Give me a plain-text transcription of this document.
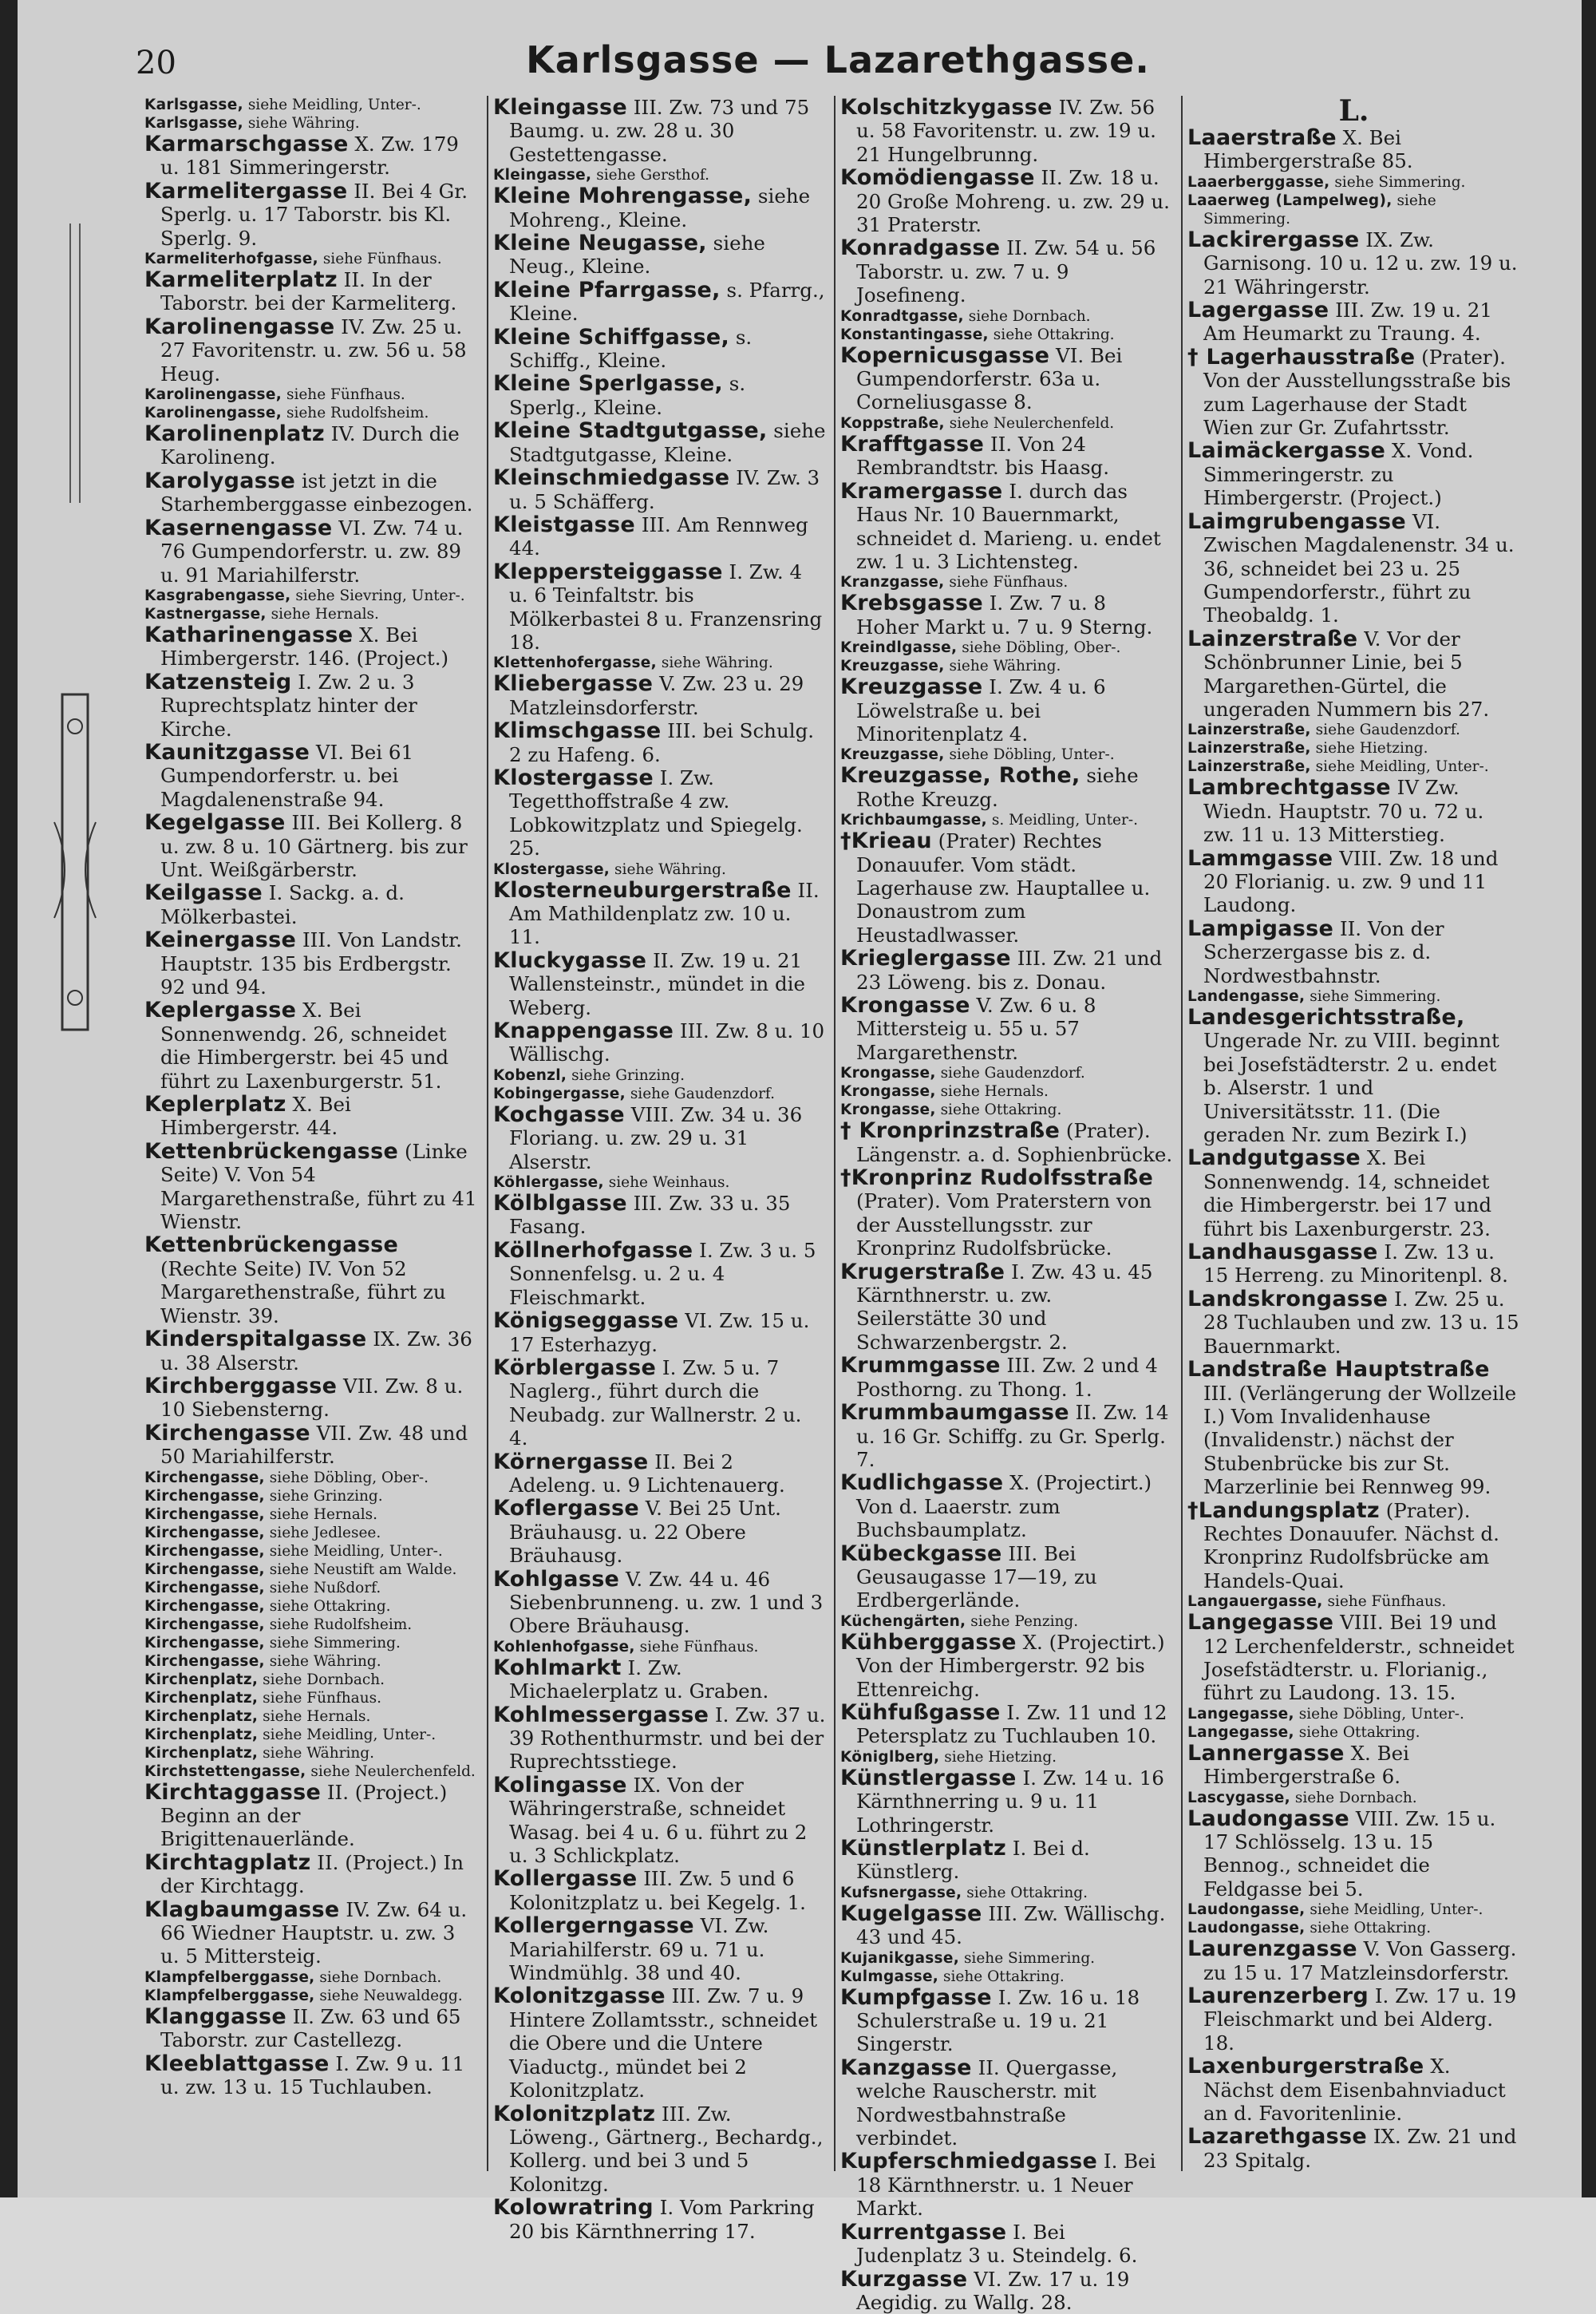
20	Karlsgasse — Lazarethgasse.

Karlsgasse, siehe Meidling, Unter-.

Karlsgasse, siehe Währing.

Karmarschgasse X. Zw. 179 u. 181 Simmeringerstr.

Karmelitergasse II. Bei 4 Gr. Sperlg. u. 17 Taborstr. bis Kl. Sperlg. 9.

Karmeliterhofgasse, siehe Fünfhaus.

Karmeliterplatz II. In der Taborstr. bei der Karmeliterg.

Karolinengasse IV. Zw. 25 u. 27 Favoritenstr. u. zw. 56 u. 58 Heug.

Karolinengasse, siehe Fünfhaus.

Karolinengasse, siehe Rudolfsheim.

Karolinenplatz IV. Durch die Karolineng.

Karolygasse ist jetzt in die Starhemberggasse einbezogen.

Kasernengasse VI. Zw. 74 u. 76 Gumpendorferstr. u. zw. 89 u. 91 Mariahilferstr.

Kasgrabengasse, siehe Sievring, Unter-.

Kastnergasse, siehe Hernals.

Katharinengasse X. Bei Himbergerstr. 146. (Project.)

Katzensteig I. Zw. 2 u. 3 Ruprechtsplatz hinter der Kirche.

Kaunitzgasse VI. Bei 61 Gumpendorferstr. u. bei Magdalenenstraße 94.

Kegelgasse III. Bei Kollerg. 8 u. zw. 8 u. 10 Gärtnerg. bis zur Unt. Weißgärberstr.

Keilgasse I. Sackg. a. d. Mölkerbastei.

Keinergasse III. Von Landstr. Hauptstr. 135 bis Erdbergstr. 92 und 94.

Keplergasse X. Bei Sonnenwendg. 26, schneidet die Himbergerstr. bei 45 und führt zu Laxenburgerstr. 51.

Keplerplatz X. Bei Himbergerstr. 44.

Kettenbrückengasse (Linke Seite) V. Von 54 Margarethenstraße, führt zu 41 Wienstr.

Kettenbrückengasse (Rechte Seite) IV. Von 52 Margarethenstraße, führt zu Wienstr. 39.

Kinderspitalgasse IX. Zw. 36 u. 38 Alserstr.

Kirchberggasse VII. Zw. 8 u. 10 Siebensterng.

Kirchengasse VII. Zw. 48 und 50 Mariahilferstr.

Kirchengasse, siehe Döbling, Ober-.

Kirchengasse, siehe Grinzing.

Kirchengasse, siehe Hernals.

Kirchengasse, siehe Jedlesee.

Kirchengasse, siehe Meidling, Unter-.

Kirchengasse, siehe Neustift am Walde.

Kirchengasse, siehe Nußdorf.

Kirchengasse, siehe Ottakring.

Kirchengasse, siehe Rudolfsheim.

Kirchengasse, siehe Simmering.

Kirchengasse, siehe Währing.

Kirchenplatz, siehe Dornbach.

Kirchenplatz, siehe Fünfhaus.

Kirchenplatz, siehe Hernals.

Kirchenplatz, siehe Meidling, Unter-.

Kirchenplatz, siehe Währing.

Kirchstettengasse, siehe Neulerchenfeld.

Kirchtaggasse II. (Project.) Beginn an der Brigittenauerlände.

Kirchtagplatz II. (Project.) In der Kirchtagg.

Klagbaumgasse IV. Zw. 64 u. 66 Wiedner Hauptstr. u. zw. 3 u. 5 Mittersteig.

Klampfelberggasse, siehe Dornbach.

Klampfelberggasse, siehe Neuwaldegg.

Klanggasse II. Zw. 63 und 65 Taborstr. zur Castellezg.

Kleeblattgasse I. Zw. 9 u. 11 u. zw. 13 u. 15 Tuchlauben.

Kleingasse III. Zw. 73 und 75 Baumg. u. zw. 28 u. 30 Gestettengasse.

Kleingasse, siehe Gersthof.

Kleine Mohrengasse, siehe Mohreng., Kleine.

Kleine Neugasse, siehe Neug., Kleine.

Kleine Pfarrgasse, s. Pfarrg., Kleine.

Kleine Schiffgasse, s. Schiffg., Kleine.

Kleine Sperlgasse, s. Sperlg., Kleine.

Kleine Stadtgutgasse, siehe Stadtgutgasse, Kleine.

Kleinschmiedgasse IV. Zw. 3 u. 5 Schäfferg.

Kleistgasse III. Am Rennweg 44.

Kleppersteiggasse I. Zw. 4 u. 6 Teinfaltstr. bis Mölkerbastei 8 u. Franzensring 18.

Klettenhofergasse, siehe Währing.

Kliebergasse V. Zw. 23 u. 29 Matzleinsdorferstr.

Klimschgasse III. bei Schulg. 2 zu Hafeng. 6.

Klostergasse I. Zw. Tegetthoffstraße 4 zw. Lobkowitzplatz und Spiegelg. 25.

Klostergasse, siehe Währing.

Klosterneuburgerstraße II. Am Mathildenplatz zw. 10 u. 11.

Kluckygasse II. Zw. 19 u. 21 Wallensteinstr., mündet in die Weberg.

Knappengasse III. Zw. 8 u. 10 Wällischg.

Kobenzl, siehe Grinzing.

Kobingergasse, siehe Gaudenzdorf.

Kochgasse VIII. Zw. 34 u. 36 Floriang. u. zw. 29 u. 31 Alserstr.

Köhlergasse, siehe Weinhaus.

Kölblgasse III. Zw. 33 u. 35 Fasang.

Köllnerhofgasse I. Zw. 3 u. 5 Sonnenfelsg. u. 2 u. 4 Fleischmarkt.

Königseggasse VI. Zw. 15 u. 17 Esterhazyg.

Körblergasse I. Zw. 5 u. 7 Naglerg., führt durch die Neubadg. zur Wallnerstr. 2 u. 4.

Körnergasse II. Bei 2 Adeleng. u. 9 Lichtenauerg.

Koflergasse V. Bei 25 Unt. Bräuhausg. u. 22 Obere Bräuhausg.

Kohlgasse V. Zw. 44 u. 46 Siebenbrunneng. u. zw. 1 und 3 Obere Bräuhausg.

Kohlenhofgasse, siehe Fünfhaus.

Kohlmarkt I. Zw. Michaelerplatz u. Graben.

Kohlmessergasse I. Zw. 37 u. 39 Rothenthurmstr. und bei der Ruprechtsstiege.

Kolingasse IX. Von der Währingerstraße, schneidet Wasag. bei 4 u. 6 u. führt zu 2 u. 3 Schlickplatz.

Kollergasse III. Zw. 5 und 6 Kolonitzplatz u. bei Kegelg. 1.

Kollergerngasse VI. Zw. Mariahilferstr. 69 u. 71 u. Windmühlg. 38 und 40.

Kolonitzgasse III. Zw. 7 u. 9 Hintere Zollamtsstr., schneidet die Obere und die Untere Viaductg., mündet bei 2 Kolonitzplatz.

Kolonitzplatz III. Zw. Löweng., Gärtnerg., Bechardg., Kollerg. und bei 3 und 5 Kolonitzg.

Kolowratring I. Vom Parkring 20 bis Kärnthnerring 17.

Kolschitzkygasse IV. Zw. 56 u. 58 Favoritenstr. u. zw. 19 u. 21 Hungelbrunng.

Komödiengasse II. Zw. 18 u. 20 Große Mohreng. u. zw. 29 u. 31 Praterstr.

Konradgasse II. Zw. 54 u. 56 Taborstr. u. zw. 7 u. 9 Josefineng.

Konradtgasse, siehe Dornbach.

Konstantingasse, siehe Ottakring.

Kopernicusgasse VI. Bei Gumpendorferstr. 63a u. Corneliusgasse 8.

Koppstraße, siehe Neulerchenfeld.

Krafftgasse II. Von 24 Rembrandtstr. bis Haasg.

Kramergasse I. durch das Haus Nr. 10 Bauernmarkt, schneidet d. Marieng. u. endet zw. 1 u. 3 Lichtensteg.

Kranzgasse, siehe Fünfhaus.

Krebsgasse I. Zw. 7 u. 8 Hoher Markt u. 7 u. 9 Sterng.

Kreindlgasse, siehe Döbling, Ober-.

Kreuzgasse, siehe Währing.

Kreuzgasse I. Zw. 4 u. 6 Löwelstraße u. bei Minoritenplatz 4.

Kreuzgasse, siehe Döbling, Unter-.

Kreuzgasse, Rothe, siehe Rothe Kreuzg.

Krichbaumgasse, s. Meidling, Unter-.

†Krieau (Prater) Rechtes Donauufer. Vom städt. Lagerhause zw. Hauptallee u. Donaustrom zum Heustadlwasser.

Krieglergasse III. Zw. 21 und 23 Löweng. bis z. Donau.

Krongasse V. Zw. 6 u. 8 Mittersteig u. 55 u. 57 Margarethenstr.

Krongasse, siehe Gaudenzdorf.

Krongasse, siehe Hernals.

Krongasse, siehe Ottakring.

† Kronprinzstraße (Prater). Längenstr. a. d. Sophienbrücke.

†Kronprinz Rudolfsstraße (Prater). Vom Praterstern von der Ausstellungsstr. zur Kronprinz Rudolfsbrücke.

Krugerstraße I. Zw. 43 u. 45 Kärnthnerstr. u. zw. Seilerstätte 30 und Schwarzenbergstr. 2.

Krummgasse III. Zw. 2 und 4 Posthorng. zu Thong. 1.

Krummbaumgasse II. Zw. 14 u. 16 Gr. Schiffg. zu Gr. Sperlg. 7.

Kudlichgasse X. (Projectirt.) Von d. Laaerstr. zum Buchsbaumplatz.

Kübeckgasse III. Bei Geusaugasse 17—19, zu Erdbergerlände.

Küchengärten, siehe Penzing.

Kühberggasse X. (Projectirt.) Von der Himbergerstr. 92 bis Ettenreichg.

Kühfußgasse I. Zw. 11 und 12 Petersplatz zu Tuchlauben 10.

Königlberg, siehe Hietzing.

Künstlergasse I. Zw. 14 u. 16 Kärnthnerring u. 9 u. 11 Lothringerstr.

Künstlerplatz I. Bei d. Künstlerg.

Kufsnergasse, siehe Ottakring.

Kugelgasse III. Zw. Wällischg. 43 und 45.

Kujanikgasse, siehe Simmering.

Kulmgasse, siehe Ottakring.

Kumpfgasse I. Zw. 16 u. 18 Schulerstraße u. 19 u. 21 Singerstr.

Kanzgasse II. Quergasse, welche Rauscherstr. mit Nordwestbahnstraße verbindet.

Kupferschmiedgasse I. Bei 18 Kärnthnerstr. u. 1 Neuer Markt.

Kurrentgasse I. Bei Judenplatz 3 u. Steindelg. 6.

Kurzgasse VI. Zw. 17 u. 19 Aegidig. zu Wallg. 28.

L.

Laaerstraße X. Bei Himbergerstraße 85.

Laaerberggasse, siehe Simmering.

Laaerweg (Lampelweg), siehe Simmering.

Lackirergasse IX. Zw. Garnisong. 10 u. 12 u. zw. 19 u. 21 Währingerstr.

Lagergasse III. Zw. 19 u. 21 Am Heumarkt zu Traung. 4.

† Lagerhausstraße (Prater). Von der Ausstellungsstraße bis zum Lagerhause der Stadt Wien zur Gr. Zufahrtsstr.

Laimäckergasse X. Vond. Simmeringerstr. zu Himbergerstr. (Project.)

Laimgrubengasse VI. Zwischen Magdalenenstr. 34 u. 36, schneidet bei 23 u. 25 Gumpendorferstr., führt zu Theobaldg. 1.

Lainzerstraße V. Vor der Schönbrunner Linie, bei 5 Margarethen-Gürtel, die ungeraden Nummern bis 27.

Lainzerstraße, siehe Gaudenzdorf.

Lainzerstraße, siehe Hietzing.

Lainzerstraße, siehe Meidling, Unter-.

Lambrechtgasse IV Zw. Wiedn. Hauptstr. 70 u. 72 u. zw. 11 u. 13 Mitterstieg.

Lammgasse VIII. Zw. 18 und 20 Florianig. u. zw. 9 und 11 Laudong.

Lampigasse II. Von der Scherzergasse bis z. d. Nordwestbahnstr.

Landengasse, siehe Simmering.

Landesgerichtsstraße, Ungerade Nr. zu VIII. beginnt bei Josefstädterstr. 2 u. endet b. Alserstr. 1 und Universitätsstr. 11. (Die geraden Nr. zum Bezirk I.)

Landgutgasse X. Bei Sonnenwendg. 14, schneidet die Himbergerstr. bei 17 und führt bis Laxenburgerstr. 23.

Landhausgasse I. Zw. 13 u. 15 Herreng. zu Minoritenpl. 8.

Landskrongasse I. Zw. 25 u. 28 Tuchlauben und zw. 13 u. 15 Bauernmarkt.

Landstraße Hauptstraße III. (Verlängerung der Wollzeile I.) Vom Invalidenhause (Invalidenstr.) nächst der Stubenbrücke bis zur St. Marzerlinie bei Rennweg 99.

†Landungsplatz (Prater). Rechtes Donauufer. Nächst d. Kronprinz Rudolfsbrücke am Handels-Quai.

Langauergasse, siehe Fünfhaus.

Langegasse VIII. Bei 19 und 12 Lerchenfelderstr., schneidet Josefstädterstr. u. Florianig., führt zu Laudong. 13. 15.

Langegasse, siehe Döbling, Unter-.

Langegasse, siehe Ottakring.

Lannergasse X. Bei Himbergerstraße 6.

Lascygasse, siehe Dornbach.

Laudongasse VIII. Zw. 15 u. 17 Schlösselg. 13 u. 15 Bennog., schneidet die Feldgasse bei 5.

Laudongasse, siehe Meidling, Unter-.

Laudongasse, siehe Ottakring.

Laurenzgasse V. Von Gasserg. zu 15 u. 17 Matzleinsdorferstr.

Laurenzerberg I. Zw. 17 u. 19 Fleischmarkt und bei Alderg. 18.

Laxenburgerstraße X. Nächst dem Eisenbahnviaduct an d. Favoritenlinie.

Lazarethgasse IX. Zw. 21 und 23 Spitalg.
